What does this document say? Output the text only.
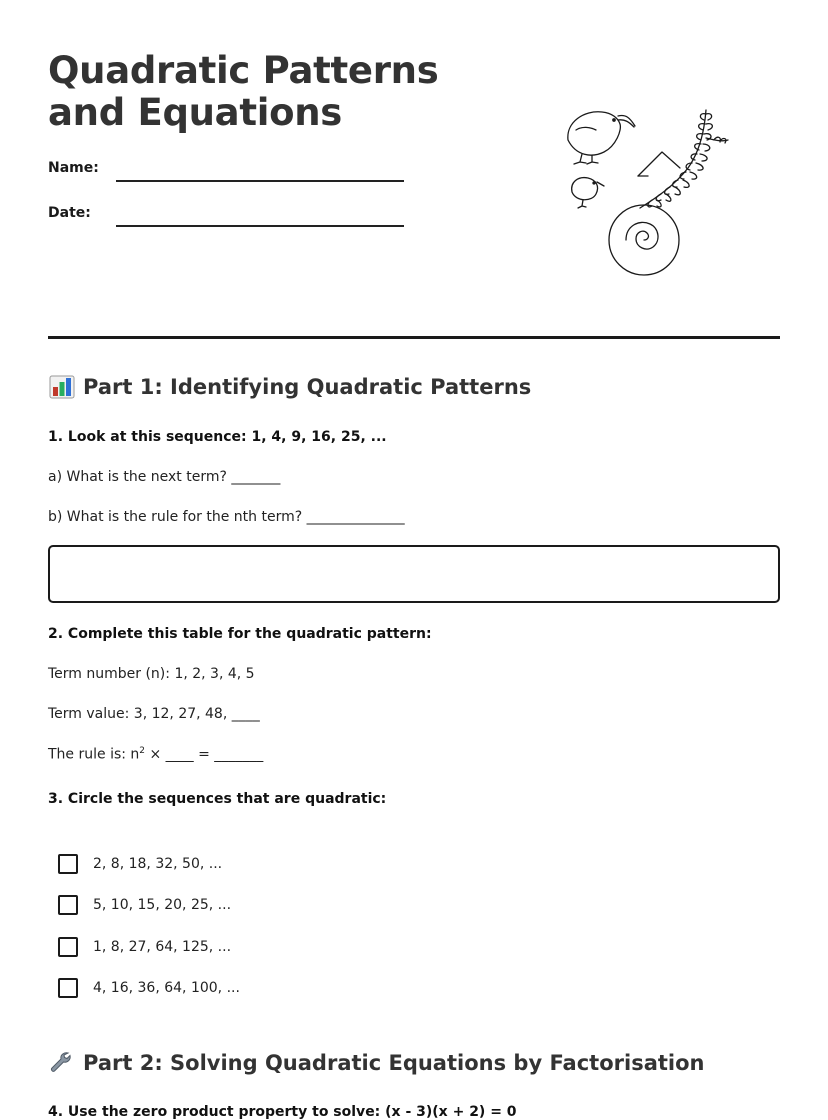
Quadratic Patterns and Equations
Name:
Date:
Part 1: Identifying Quadratic Patterns
1. Look at this sequence: 1, 4, 9, 16, 25, ...
a) What is the next term? _______
b) What is the rule for the nth term? ______________
2. Complete this table for the quadratic pattern:
Term number (n): 1, 2, 3, 4, 5
Term value: 3, 12, 27, 48, ____
The rule is: $n^2$ × ____ = _______
3. Circle the sequences that are quadratic:
2, 8, 18, 32, 50, ...
5, 10, 15, 20, 25, ...
1, 8, 27, 64, 125, ...
4, 16, 36, 64, 100, ...
Part 2: Solving Quadratic Equations by Factorisation
4. Use the zero product property to solve: (x - 3)(x + 2) = 0
